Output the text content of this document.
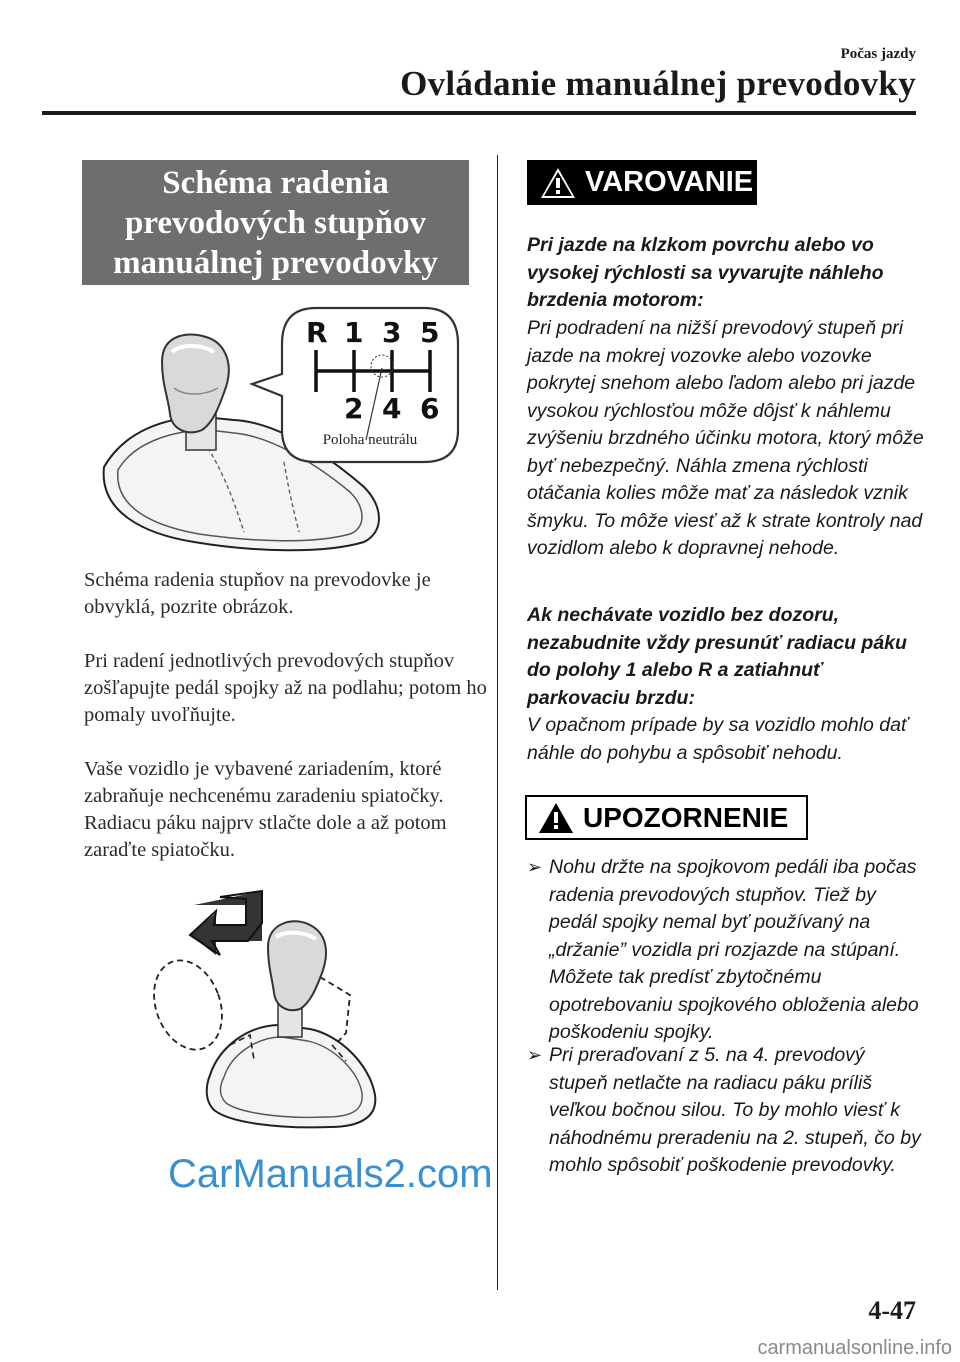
Počas jazdy
Ovládanie manuálnej prevodovky
Schéma radenia
prevodových stupňov
manuálnej prevodovky
R 1 3 5
2 4 6
Poloha neutrálu
Schéma radenia stupňov na prevodovke je obvyklá, pozrite obrázok.
Pri radení jednotlivých prevodových stupňov zošľapujte pedál spojky až na podlahu; potom ho pomaly uvoľňujte.
Vaše vozidlo je vybavené zariadením, ktoré zabraňuje nechcenému zaradeniu spiatočky. Radiacu páku najprv stlačte dole a až potom zaraďte spiatočku.
VAROVANIE
Pri jazde na klzkom povrchu alebo vo vysokej rýchlosti sa vyvarujte náhleho brzdenia motorom:
Pri podradení na nižší prevodový stupeň pri jazde na mokrej vozovke alebo vozovke pokrytej snehom alebo ľadom alebo pri jazde vysokou rýchlosťou môže dôjsť k náhlemu zvýšeniu brzdného účinku motora, ktorý môže byť nebezpečný. Náhla zmena rýchlosti otáčania kolies môže mať za následok vznik šmyku. To môže viesť až k strate kontroly nad vozidlom alebo k dopravnej nehode.
Ak nechávate vozidlo bez dozoru, nezabudnite vždy presunúť radiacu páku do polohy 1 alebo R a zatiahnuť parkovaciu brzdu:
V opačnom prípade by sa vozidlo mohlo dať náhle do pohybu a spôsobiť nehodu.
UPOZORNENIE
➢ Nohu držte na spojkovom pedáli iba počas radenia prevodových stupňov. Tiež by pedál spojky nemal byť používaný na „držanie” vozidla pri rozjazde na stúpaní. Môžete tak predísť zbytočnému opotrebovaniu spojkového obloženia alebo poškodeniu spojky.
➢ Pri preraďovaní z 5. na 4. prevodový stupeň netlačte na radiacu páku príliš veľkou bočnou silou. To by mohlo viesť k náhodnému preradeniu na 2. stupeň, čo by mohlo spôsobiť poškodenie prevodovky.
4-47
CarManuals2.com
carmanualsonline.info
